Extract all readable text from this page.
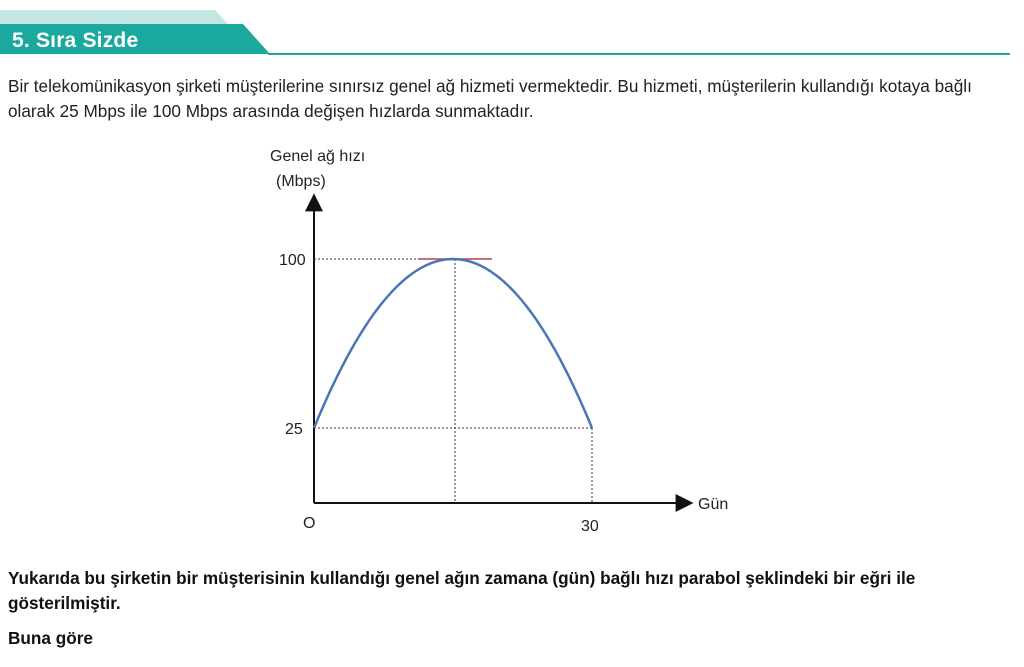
5. Sıra Sizde
Bir telekomünikasyon şirketi müşterilerine sınırsız genel ağ hizmeti vermektedir. Bu hizmeti, müşterilerin kullandığı kotaya bağlı olarak 25 Mbps ile 100 Mbps arasında değişen hızlarda sunmaktadır.
Genel ağ hızı
(Mbps)
100
25
O	30
Gün
Yukarıda bu şirketin bir müşterisinin kullandığı genel ağın zamana (gün) bağlı hızı parabol şeklindeki bir eğri ile gösterilmiştir.
Buna göre
